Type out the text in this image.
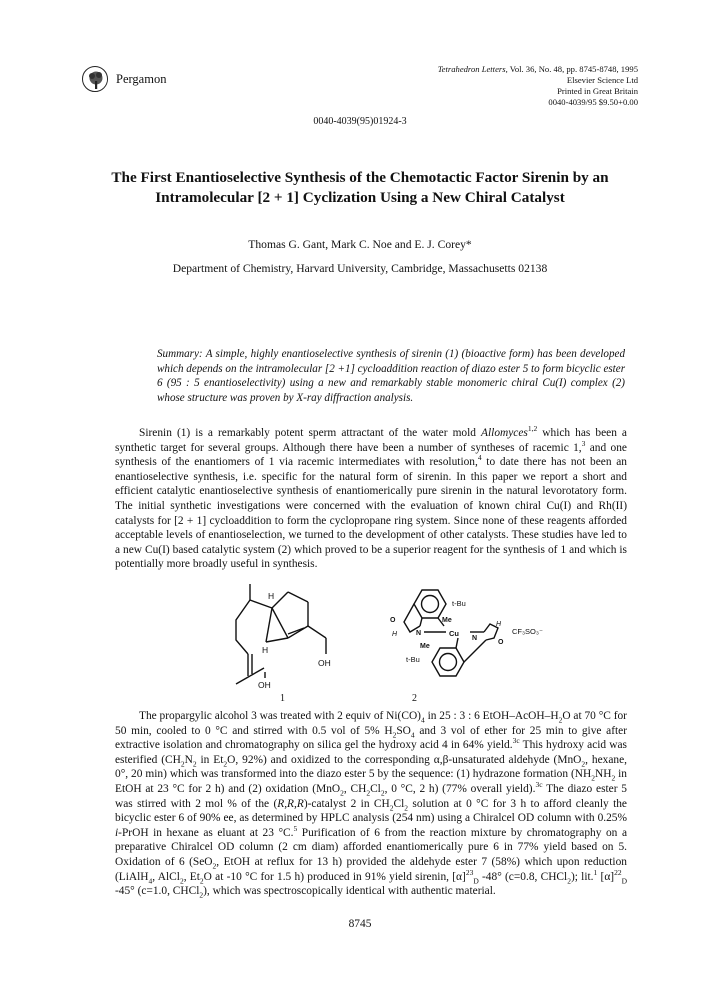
Pergamon
Tetrahedron Letters, Vol. 36, No. 48, pp. 8745-8748, 1995
Elsevier Science Ltd
Printed in Great Britain
0040-4039/95 $9.50+0.00
0040-4039(95)01924-3
The First Enantioselective Synthesis of the Chemotactic Factor Sirenin by an
Intramolecular [2 + 1] Cyclization Using a New Chiral Catalyst
Thomas G. Gant, Mark C. Noe and E. J. Corey*
Department of Chemistry, Harvard University, Cambridge, Massachusetts 02138
Summary: A simple, highly enantioselective synthesis of sirenin (1) (bioactive form) has been developed which depends on the intramolecular [2 +1] cycloaddition reaction of diazo ester 5 to form bicyclic ester 6 (95 : 5 enantioselectivity) using a new and remarkably stable monomeric chiral Cu(I) complex (2) whose structure was proven by X-ray diffraction analysis.
Sirenin (1) is a remarkably potent sperm attractant of the water mold Allomyces$^{1,2}$ which has been a synthetic target for several groups. Although there have been a number of syntheses of racemic 1,$^3$ and one synthesis of the enantiomers of 1 via racemic intermediates with resolution,$^4$ to date there has not been an enantioselective synthesis, i.e. specific for the natural form of sirenin. In this paper we report a short and efficient catalytic enantioselective synthesis of enantiomerically pure sirenin in the natural levorotatory form. The initial synthetic investigations were concerned with the evaluation of known chiral Cu(I) and Rh(II) catalysts for [2 + 1] cycloaddition to form the cyclopropane ring system. Since none of these reagents afforded acceptable levels of enantioselection, we turned to the development of other catalysts. These studies have led to a new Cu(I) based catalytic system (2) which proved to be a superior reagent for the synthesis of 1 and which is potentially more broadly useful in synthesis.
H
H
OH
OH
t-Bu
Me
O
H	N	Cu
N
H
O
Me
t-Bu
CF₃SO₃⁻
1	2
The propargylic alcohol 3 was treated with 2 equiv of $Ni(CO)_4$ in 25 : 3 : 6 EtOH–$AcOH-H_2O$ at 70 °C for 50 min, cooled to 0 °C and stirred with 0.5 vol of 5% $H_2SO_4$ and 3 vol of ether for 25 min to give after extractive isolation and chromatography on silica gel the hydroxy acid 4 in 64% yield.$^{3c}$ This hydroxy acid was esterified ($CH_2N_2$ in $Et_2O$, 92%) and oxidized to the corresponding α,β-unsaturated aldehyde (MnO$_2$, hexane, 0°, 20 min) which was transformed into the diazo ester 5 by the sequence: (1) hydrazone formation ($NH_2NH_2$ in EtOH at 23 °C for 2 h) and (2) oxidation (MnO$_2$, $CH_2Cl_2$, 0 °C, 2 h) (77% overall yield).$^{3c}$ The diazo ester 5 was stirred with 2 mol % of the (R,R,R)-catalyst 2 in $CH_2Cl_2$ solution at 0 °C for 3 h to afford cleanly the bicyclic ester 6 of 90% ee, as determined by HPLC analysis (254 nm) using a Chiralcel OD column with 0.25% i-PrOH in hexane as eluant at 23 °C.$^5$ Purification of 6 from the reaction mixture by chromatography on a preparative Chiralcel OD column (2 cm diam) afforded enantiomerically pure 6 in 77% yield based on 5. Oxidation of 6 (SeO$_2$, EtOH at reflux for 13 h) provided the aldehyde ester 7 (58%) which upon reduction (LiAlH$_4$, AlCl$_2$, $Et_2O$ at -10 °C for 1.5 h) produced in 91% yield sirenin, $[\alpha]^{23}_D$ -48° (c=0.8, CHCl$_2$); lit.$^1$ $[\alpha]^{22}_D$ -45° (c=1.0, CHCl$_2$), which was spectroscopically identical with authentic material.
8745
